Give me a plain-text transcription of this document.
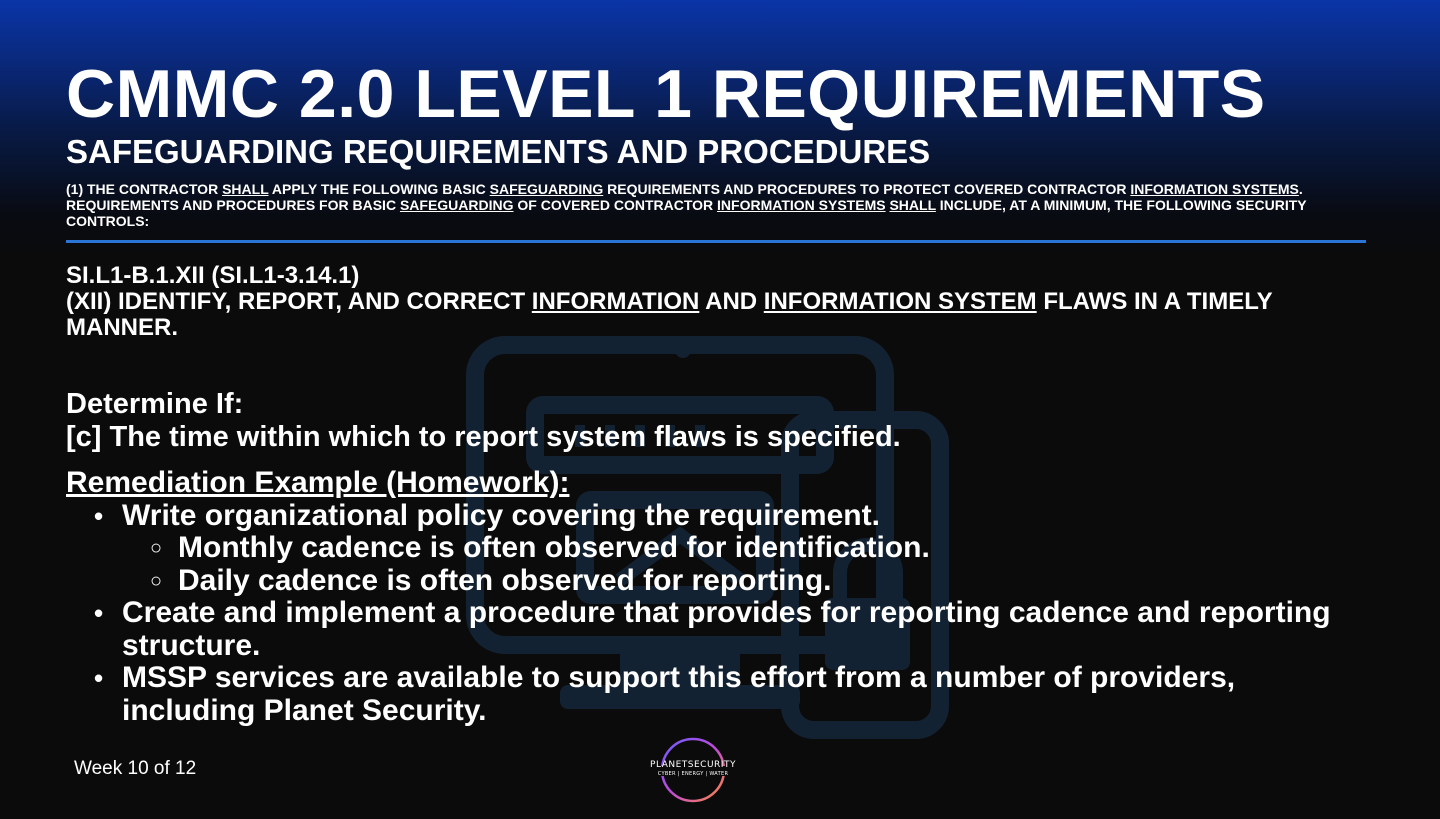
CMMC 2.0 LEVEL 1 REQUIREMENTS
SAFEGUARDING REQUIREMENTS AND PROCEDURES

(1) THE CONTRACTOR SHALL APPLY THE FOLLOWING BASIC SAFEGUARDING REQUIREMENTS AND PROCEDURES TO PROTECT COVERED CONTRACTOR INFORMATION SYSTEMS. REQUIREMENTS AND PROCEDURES FOR BASIC SAFEGUARDING OF COVERED CONTRACTOR INFORMATION SYSTEMS SHALL INCLUDE, AT A MINIMUM, THE FOLLOWING SECURITY CONTROLS:

SI.L1-B.1.XII (SI.L1-3.14.1)
(XII) IDENTIFY, REPORT, AND CORRECT INFORMATION AND INFORMATION SYSTEM FLAWS IN A TIMELY MANNER.
Determine If:
[c] The time within which to report system flaws is specified.
Remediation Example (Homework):
• Write organizational policy covering the requirement.
○ Monthly cadence is often observed for identification.
○ Daily cadence is often observed for reporting.
• Create and implement a procedure that provides for reporting cadence and reporting structure.
• MSSP services are available to support this effort from a number of providers, including Planet Security.
Week 10 of 12	PLANETSECURITY
CYBER | ENERGY | WATER
